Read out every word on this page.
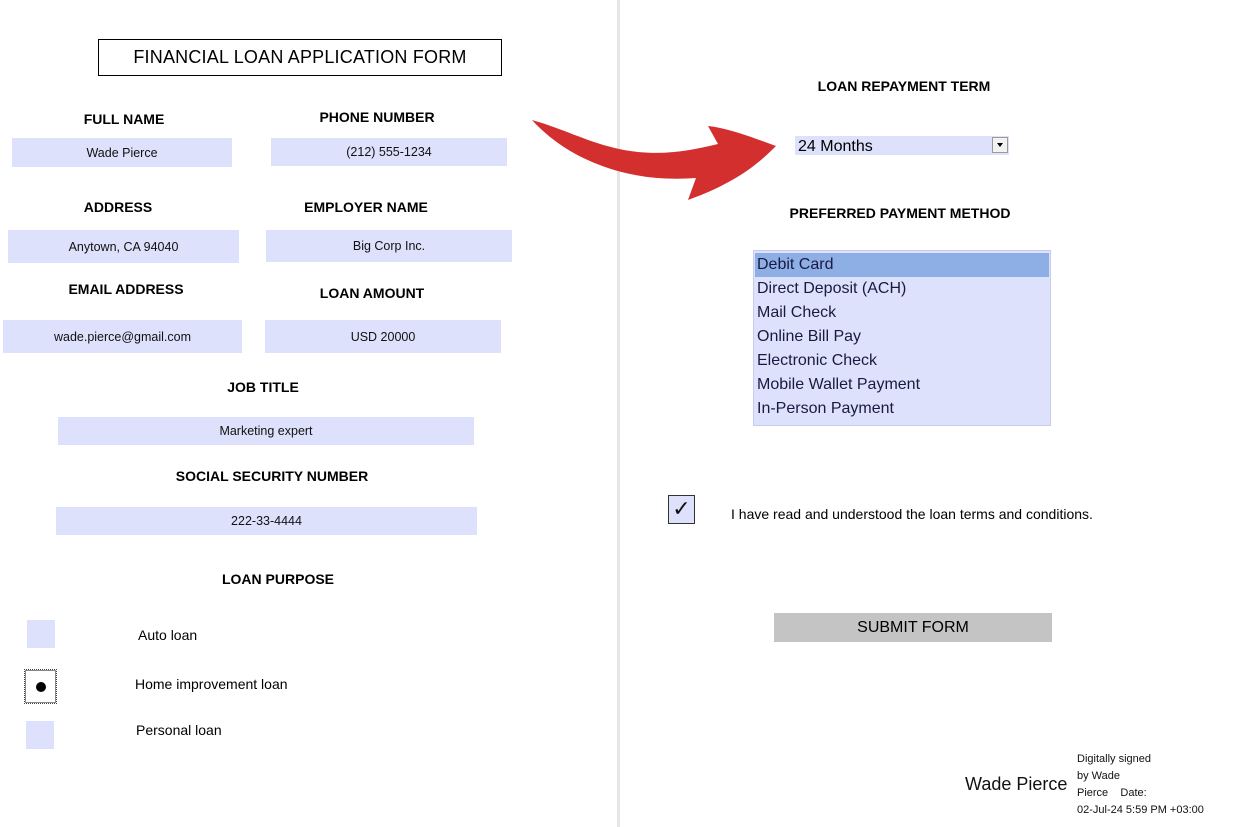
FINANCIAL LOAN APPLICATION FORM
FULL NAME
Wade Pierce
PHONE NUMBER
(212) 555-1234
ADDRESS
Anytown, CA 94040
EMPLOYER NAME
Big Corp Inc.
EMAIL ADDRESS
wade.pierce@gmail.com
LOAN AMOUNT
USD 20000
JOB TITLE
Marketing expert
SOCIAL SECURITY NUMBER
222-33-4444
LOAN PURPOSE
Auto loan
Home improvement loan
Personal loan
LOAN REPAYMENT TERM
24 Months
PREFERRED PAYMENT METHOD
Debit Card
Direct Deposit (ACH)
Mail Check
Online Bill Pay
Electronic Check
Mobile Wallet Payment
In-Person Payment
✓	I have read and understood the loan terms and conditions.
SUBMIT FORM
Wade Pierce
Digitally signed
by Wade
Pierce    Date:
02-Jul-24 5:59 PM +03:00
